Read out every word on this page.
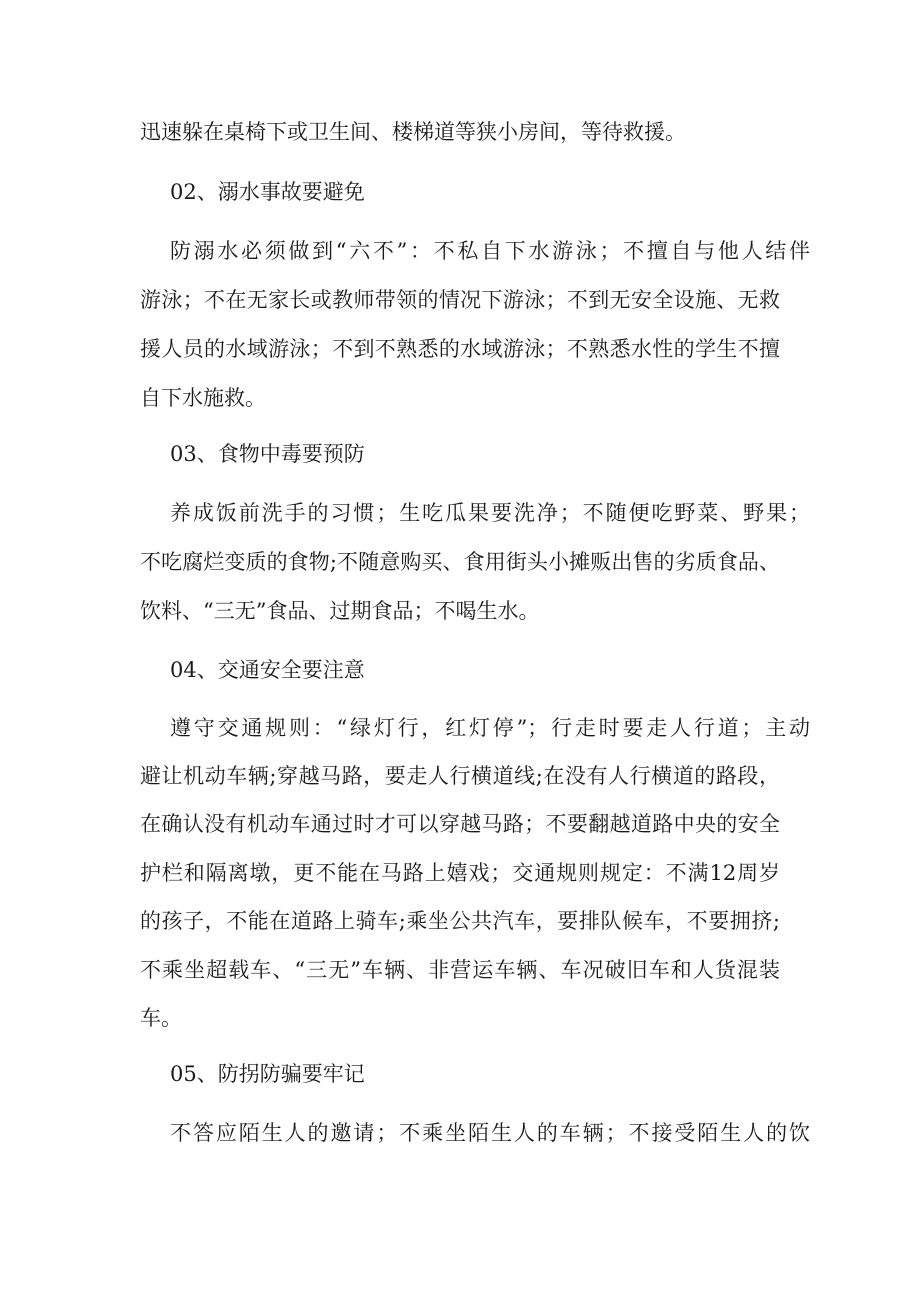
迅速躲在桌椅下或卫生间、楼梯道等狭小房间，等待救援。
02、溺水事故要避免
防溺水必须做到“六不”：不私自下水游泳；不擅自与他人结伴
游泳；不在无家长或教师带领的情况下游泳；不到无安全设施、无救
援人员的水域游泳；不到不熟悉的水域游泳；不熟悉水性的学生不擅
自下水施救。
03、食物中毒要预防
养成饭前洗手的习惯；生吃瓜果要洗净；不随便吃野菜、野果；
不吃腐烂变质的食物;不随意购买、食用街头小摊贩出售的劣质食品、
饮料、“三无”食品、过期食品；不喝生水。
04、交通安全要注意
遵守交通规则：“绿灯行，红灯停”；行走时要走人行道；主动
避让机动车辆;穿越马路，要走人行横道线;在没有人行横道的路段，
在确认没有机动车通过时才可以穿越马路；不要翻越道路中央的安全
护栏和隔离墩，更不能在马路上嬉戏；交通规则规定：不满12周岁
的孩子，不能在道路上骑车;乘坐公共汽车，要排队候车，不要拥挤;
不乘坐超载车、“三无”车辆、非营运车辆、车况破旧车和人货混装
车。
05、防拐防骗要牢记
不答应陌生人的邀请；不乘坐陌生人的车辆；不接受陌生人的饮
